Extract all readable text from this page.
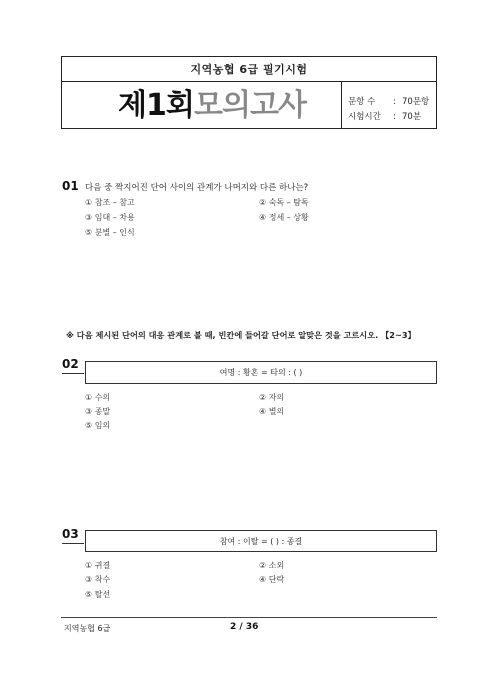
지역농협 6급 필기시험
제1회 모의고사	문항 수 : 70문항
시험시간 : 70분
01 다음 중 짝지어진 단어 사이의 관계가 나머지와 다른 하나는?
① 참조 – 참고	② 숙독 – 탐독
③ 임대 – 차용	④ 정세 – 상황
⑤ 분별 – 인식
※ 다음 제시된 단어의 대응 관계로 볼 때, 빈칸에 들어갈 단어로 알맞은 것을 고르시오. 【2~3】
02
여명 : 황혼 = 타의 : ( )
① 수의	② 자의
③ 종말	④ 별의
⑤ 임의
03	참여 : 이탈 = ( ) : 종결
① 귀결	② 소외
③ 착수	④ 단락
⑤ 탈선
지역농협 6급	2 / 36
